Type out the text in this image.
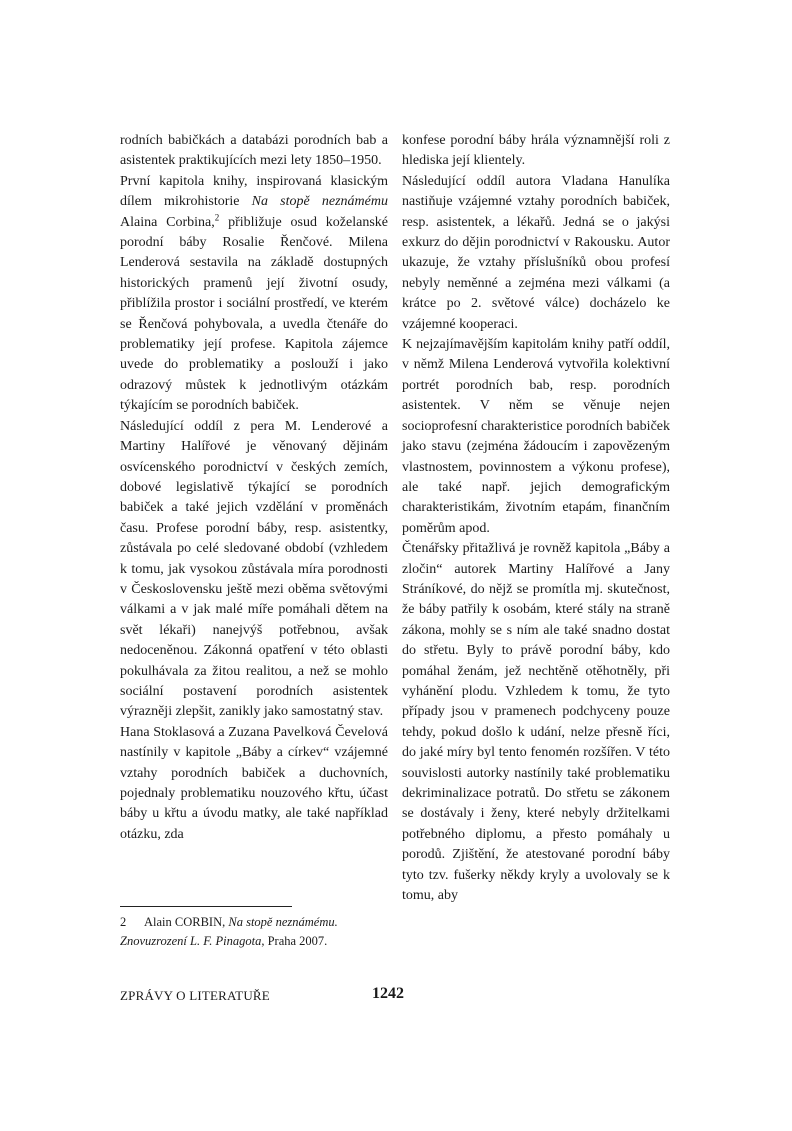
rodních babičkách a databázi porodních bab a asistentek praktikujících mezi lety 1850–1950.

První kapitola knihy, inspirovaná klasickým dílem mikrohistorie Na stopě neznámému Alaina Corbina,$^2$ přibližuje osud koželanské porodní báby Rosalie Řenčové. Milena Lenderová sestavila na základě dostupných historických pramenů její životní osudy, přiblížila prostor i sociální prostředí, ve kterém se Řenčová pohybovala, a uvedla čtenáře do problematiky její profese. Kapitola zájemce uvede do problematiky a poslouží i jako odrazový můstek k jednotlivým otázkám týkajícím se porodních babiček.

Následující oddíl z pera M. Lenderové a Martiny Halířové je věnovaný dějinám osvícenského porodnictví v českých zemích, dobové legislativě týkající se porodních babiček a také jejich vzdělání v proměnách času. Profese porodní báby, resp. asistentky, zůstávala po celé sledované období (vzhledem k tomu, jak vysokou zůstávala míra porodnosti v Československu ještě mezi oběma světovými válkami a v jak malé míře pomáhali dětem na svět lékaři) nanejvýš potřebnou, avšak nedoceněnou. Zákonná opatření v této oblasti pokulhávala za žitou realitou, a než se mohlo sociální postavení porodních asistentek výrazněji zlepšit, zanikly jako samostatný stav.

Hana Stoklasová a Zuzana Pavelková Čevelová nastínily v kapitole „Báby a církev“ vzájemné vztahy porodních babiček a duchovních, pojednaly problematiku nouzového křtu, účast báby u křtu a úvodu matky, ale také například otázku, zda

konfese porodní báby hrála významnější roli z hlediska její klientely.

Následující oddíl autora Vladana Hanulíka nastiňuje vzájemné vztahy porodních babiček, resp. asistentek, a lékařů. Jedná se o jakýsi exkurz do dějin porodnictví v Rakousku. Autor ukazuje, že vztahy příslušníků obou profesí nebyly neměnné a zejména mezi válkami (a krátce po 2. světové válce) docházelo ke vzájemné kooperaci.

K nejzajímavějším kapitolám knihy patří oddíl, v němž Milena Lenderová vytvořila kolektivní portrét porodních bab, resp. porodních asistentek. V něm se věnuje nejen socioprofesní charakteristice porodních babiček jako stavu (zejména žádoucím i zapovězeným vlastnostem, povinnostem a výkonu profese), ale také např. jejich demografickým charakteristikám, životním etapám, finančním poměrům apod.

Čtenářsky přitažlivá je rovněž kapitola „Báby a zločin“ autorek Martiny Halířové a Jany Stráníkové, do nějž se promítla mj. skutečnost, že báby patřily k osobám, které stály na straně zákona, mohly se s ním ale také snadno dostat do střetu. Byly to právě porodní báby, kdo pomáhal ženám, jež nechtěně otěhotněly, při vyhánění plodu. Vzhledem k tomu, že tyto případy jsou v pramenech podchyceny pouze tehdy, pokud došlo k udání, nelze přesně říci, do jaké míry byl tento fenomén rozšířen. V této souvislosti autorky nastínily také problematiku dekriminalizace potratů. Do střetu se zákonem se dostávaly i ženy, které nebyly držitelkami potřebného diplomu, a přesto pomáhaly u porodů. Zjištění, že atestované porodní báby tyto tzv. fušerky někdy kryly a uvolovaly se k tomu, aby

2 Alain CORBIN, Na stopě neznámému. Znovuzrození L. F. Pinagota, Praha 2007.
ZPRÁVY O LITERATUŘE	1242
